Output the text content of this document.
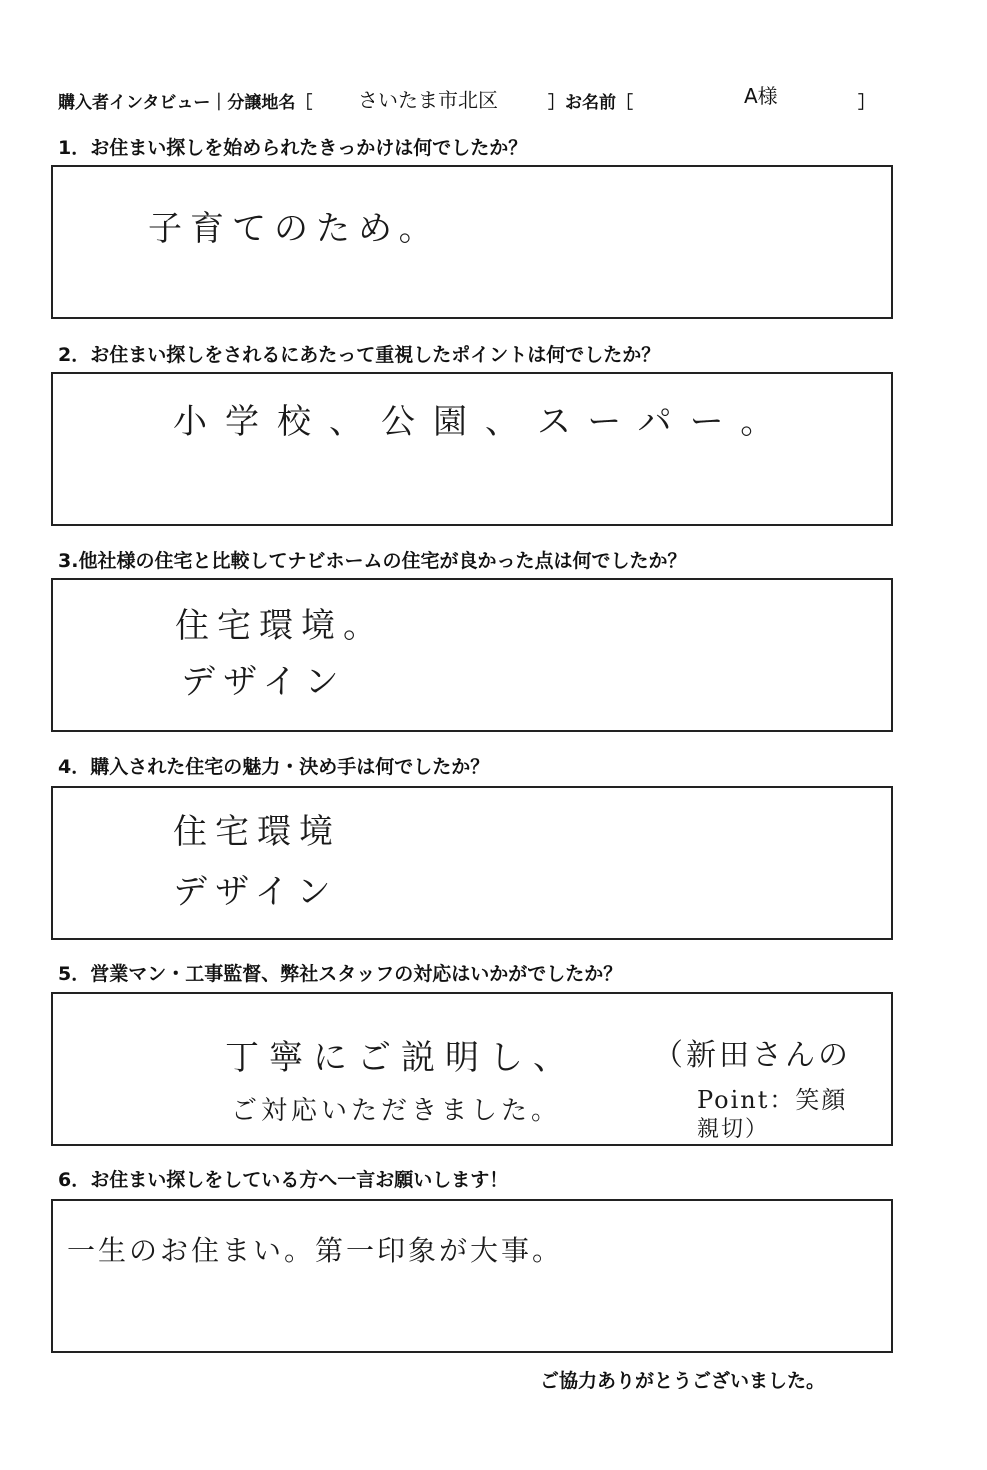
購入者インタビュー｜分譲地名［ さいたま市北区	］お名前［	A様	］
1．お住まい探しを始められたきっかけは何でしたか？
子育てのため。
2．お住まい探しをされるにあたって重視したポイントは何でしたか？
小学校、公園、スーパー。
3.他社様の住宅と比較してナビホームの住宅が良かった点は何でしたか？
住宅環境。
デザイン
4．購入された住宅の魅力・決め手は何でしたか？
住宅環境
デザイン
5．営業マン・工事監督、弊社スタッフの対応はいかがでしたか？
丁寧にご説明し、
ご対応いただきました。
（新田さんの
Point：笑顔
親切）
6．お住まい探しをしている方へ一言お願いします！
一生のお住まい。第一印象が大事。
ご協力ありがとうございました。
